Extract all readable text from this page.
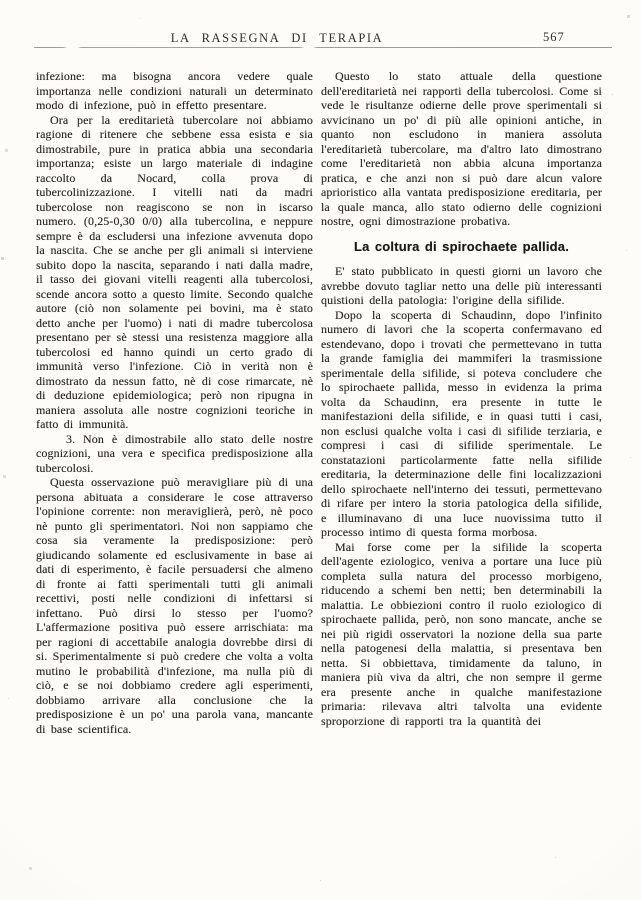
LA RASSEGNA DI TERAPIA	567

infezione: ma bisogna ancora vedere quale importanza nelle condizioni naturali un determinato modo di infezione, può in effetto presentare.

Ora per la ereditarietà tubercolare noi abbiamo ragione di ritenere che sebbene essa esista e sia dimostrabile, pure in pratica abbia una secondaria importanza; esiste un largo materiale di indagine raccolto da Nocard, colla prova di tubercolinizzazione. I vitelli nati da madri tubercolose non reagiscono se non in iscarso numero. (0,25-0,30 0/0) alla tubercolina, e neppure sempre è da escludersi una infezione avvenuta dopo la nascita. Che se anche per gli animali si interviene subito dopo la nascita, separando i nati dalla madre, il tasso dei giovani vitelli reagenti alla tubercolosi, scende ancora sotto a questo limite. Secondo qualche autore (ciò non solamente pei bovini, ma è stato detto anche per l'uomo) i nati di madre tubercolosa presentano per sè stessi una resistenza maggiore alla tubercolosi ed hanno quindi un certo grado di immunità verso l'infezione. Ciò in verità non è dimostrato da nessun fatto, nè di cose rimarcate, nè di deduzione epidemiologica; però non ripugna in maniera assoluta alle nostre cognizioni teoriche in fatto di immunità.

3. Non è dimostrabile allo stato delle nostre cognizioni, una vera e specifica predisposizione alla tubercolosi.

Questa osservazione può meravigliare più di una persona abituata a considerare le cose attraverso l'opinione corrente: non meraviglierà, però, nè poco nè punto gli sperimentatori. Noi non sappiamo che cosa sia veramente la predisposizione: però giudicando solamente ed esclusivamente in base ai dati di esperimento, è facile persuadersi che almeno di fronte ai fatti sperimentali tutti gli animali recettivi, posti nelle condizioni di infettarsi si infettano. Può dirsi lo stesso per l'uomo? L'affermazione positiva può essere arrischiata: ma per ragioni di accettabile analogia dovrebbe dirsi di si. Sperimentalmente si può credere che volta a volta mutino le probabilità d'infezione, ma nulla più di ciò, e se noi dobbiamo credere agli esperimenti, dobbiamo arrivare alla conclusione che la predisposizione è un po' una parola vana, mancante di base scientifica.

Questo lo stato attuale della questione dell'ereditarietà nei rapporti della tubercolosi. Come si vede le risultanze odierne delle prove sperimentali si avvicinano un po' di più alle opinioni antiche, in quanto non escludono in maniera assoluta l'ereditarietà tubercolare, ma d'altro lato dimostrano come l'ereditarietà non abbia alcuna importanza pratica, e che anzi non si può dare alcun valore aprioristico alla vantata predisposizione ereditaria, per la quale manca, allo stato odierno delle cognizioni nostre, ogni dimostrazione probativa.

La coltura di spirochaete pallida.

E' stato pubblicato in questi giorni un lavoro che avrebbe dovuto tagliar netto una delle più interessanti quistioni della patologia: l'origine della sifilide.

Dopo la scoperta di Schaudinn, dopo l'infinito numero di lavori che la scoperta confermavano ed estendevano, dopo i trovati che permettevano in tutta la grande famiglia dei mammiferi la trasmissione sperimentale della sifilide, si poteva concludere che lo spirochaete pallida, messo in evidenza la prima volta da Schaudinn, era presente in tutte le manifestazioni della sifilide, e in quasi tutti i casi, non esclusi qualche volta i casi di sifilide terziaria, e compresi i casi di sifilide sperimentale. Le constatazioni particolarmente fatte nella sifilide ereditaria, la determinazione delle fini localizzazioni dello spirochaete nell'interno dei tessuti, permettevano di rifare per intero la storia patologica della sifilide, e illuminavano di una luce nuovissima tutto il processo intimo di questa forma morbosa.

Mai forse come per la sifilide la scoperta dell'agente eziologico, veniva a portare una luce più completa sulla natura del processo morbigeno, riducendo a schemi ben netti; ben determinabili la malattia. Le obbiezioni contro il ruolo eziologico di spirochaete pallida, però, non sono mancate, anche se nei più rigidi osservatori la nozione della sua parte nella patogenesi della malattia, si presentava ben netta. Si obbiettava, timidamente da taluno, in maniera più viva da altri, che non sempre il germe era presente anche in qualche manifestazione primaria: rilevava altri talvolta una evidente sproporzione di rapporti tra la quantità dei
